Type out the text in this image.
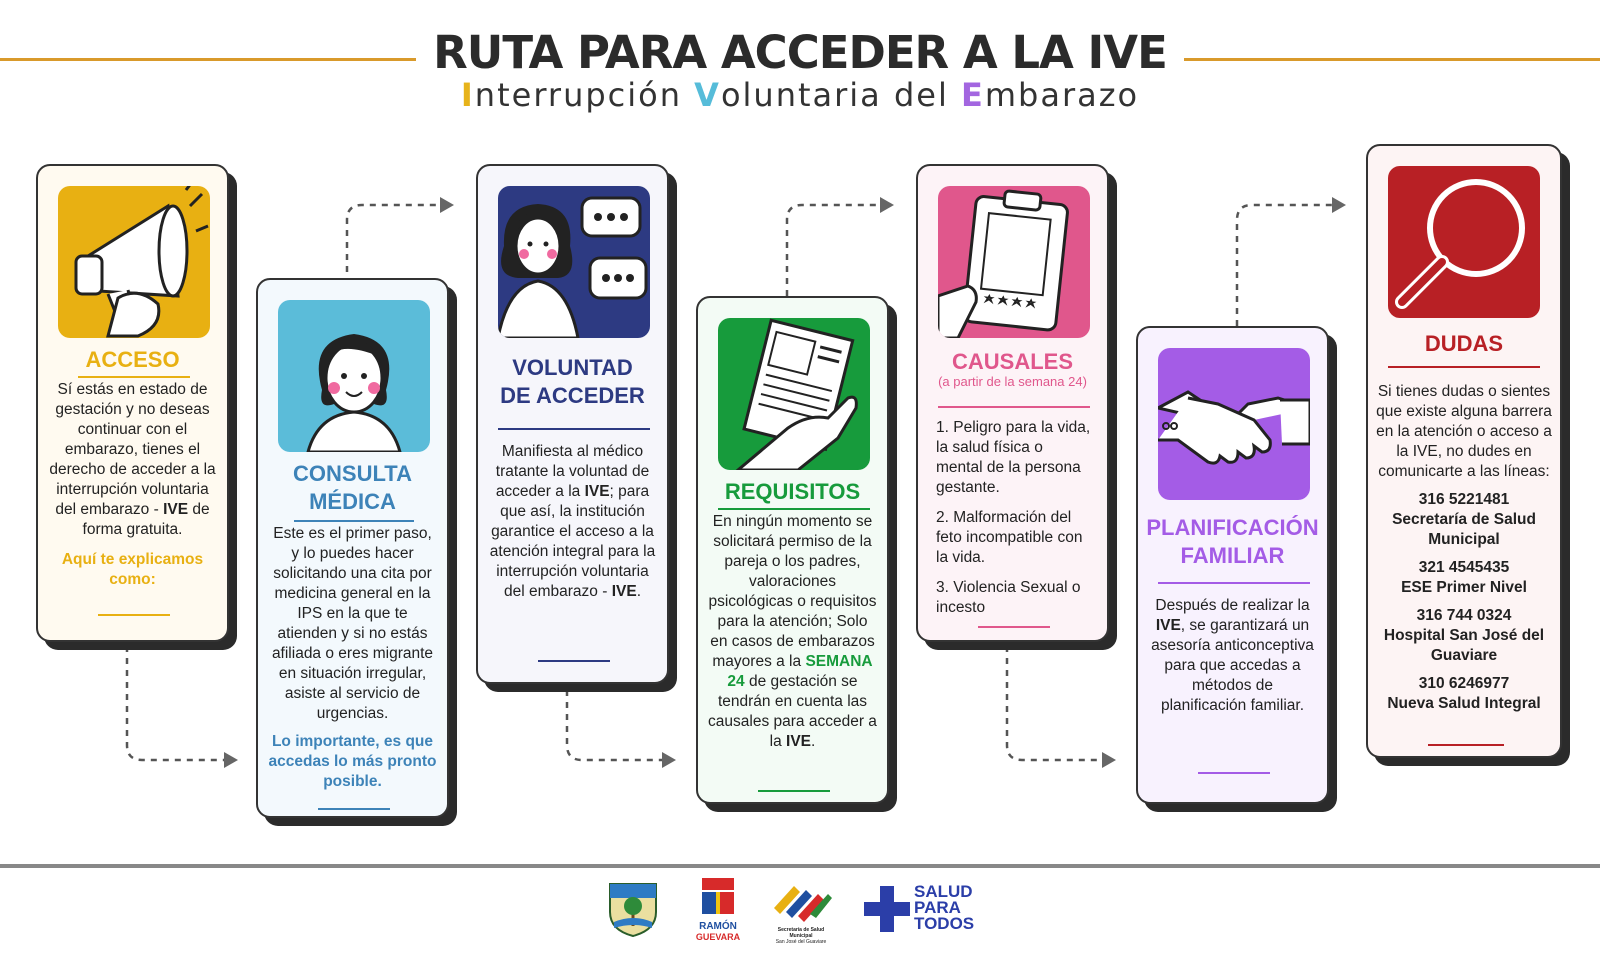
RUTA PARA ACCEDER A LA IVE
Interrupción Voluntaria del Embarazo
ACCESO

Sí estás en estado de gestación y no deseas continuar con el embarazo, tienes el derecho de acceder a la interrupción voluntaria del embarazo - IVE de forma gratuita.

Aquí te explicamos como:

CONSULTA
MÉDICA

Este es el primer paso, y lo puedes hacer solicitando una cita por medicina general en la IPS en la que te atienden y si no estás afiliada o eres migrante en situación irregular, asiste al servicio de urgencias.

Lo importante, es que accedas lo más pronto posible.

VOLUNTAD
DE ACCEDER

Manifiesta al médico tratante la voluntad de acceder a la IVE; para que así, la institución garantice el acceso a la atención integral para la interrupción voluntaria del embarazo - IVE.

REQUISITOS

En ningún momento se solicitará permiso de la pareja o los padres, valoraciones psicológicas o requisitos para la atención; Solo en casos de embarazos mayores a la SEMANA 24 de gestación se tendrán en cuenta las causales para acceder a la IVE.

CAUSALES
(a partir de la semana 24)

1. Peligro para la vida, la salud física o mental de la persona gestante.

2. Malformación del feto incompatible con la vida.

3. Violencia Sexual o incesto

PLANIFICACIÓN
FAMILIAR

Después de realizar la IVE, se garantizará un asesoría anticonceptiva para que accedas a métodos de planificación familiar.

DUDAS

Si tienes dudas o sientes que existe alguna barrera en la atención o acceso a la IVE, no dudes en comunicarte a las líneas:

316 5221481
Secretaría de Salud Municipal
321 4545435
ESE Primer Nivel
316 744 0324
Hospital San José del Guaviare
310 6246977
Nueva Salud Integral
RAMÓN
GUEVARA
Secretaría de Salud Municipal
San José del Guaviare
SALUD
PARA
TODOS
